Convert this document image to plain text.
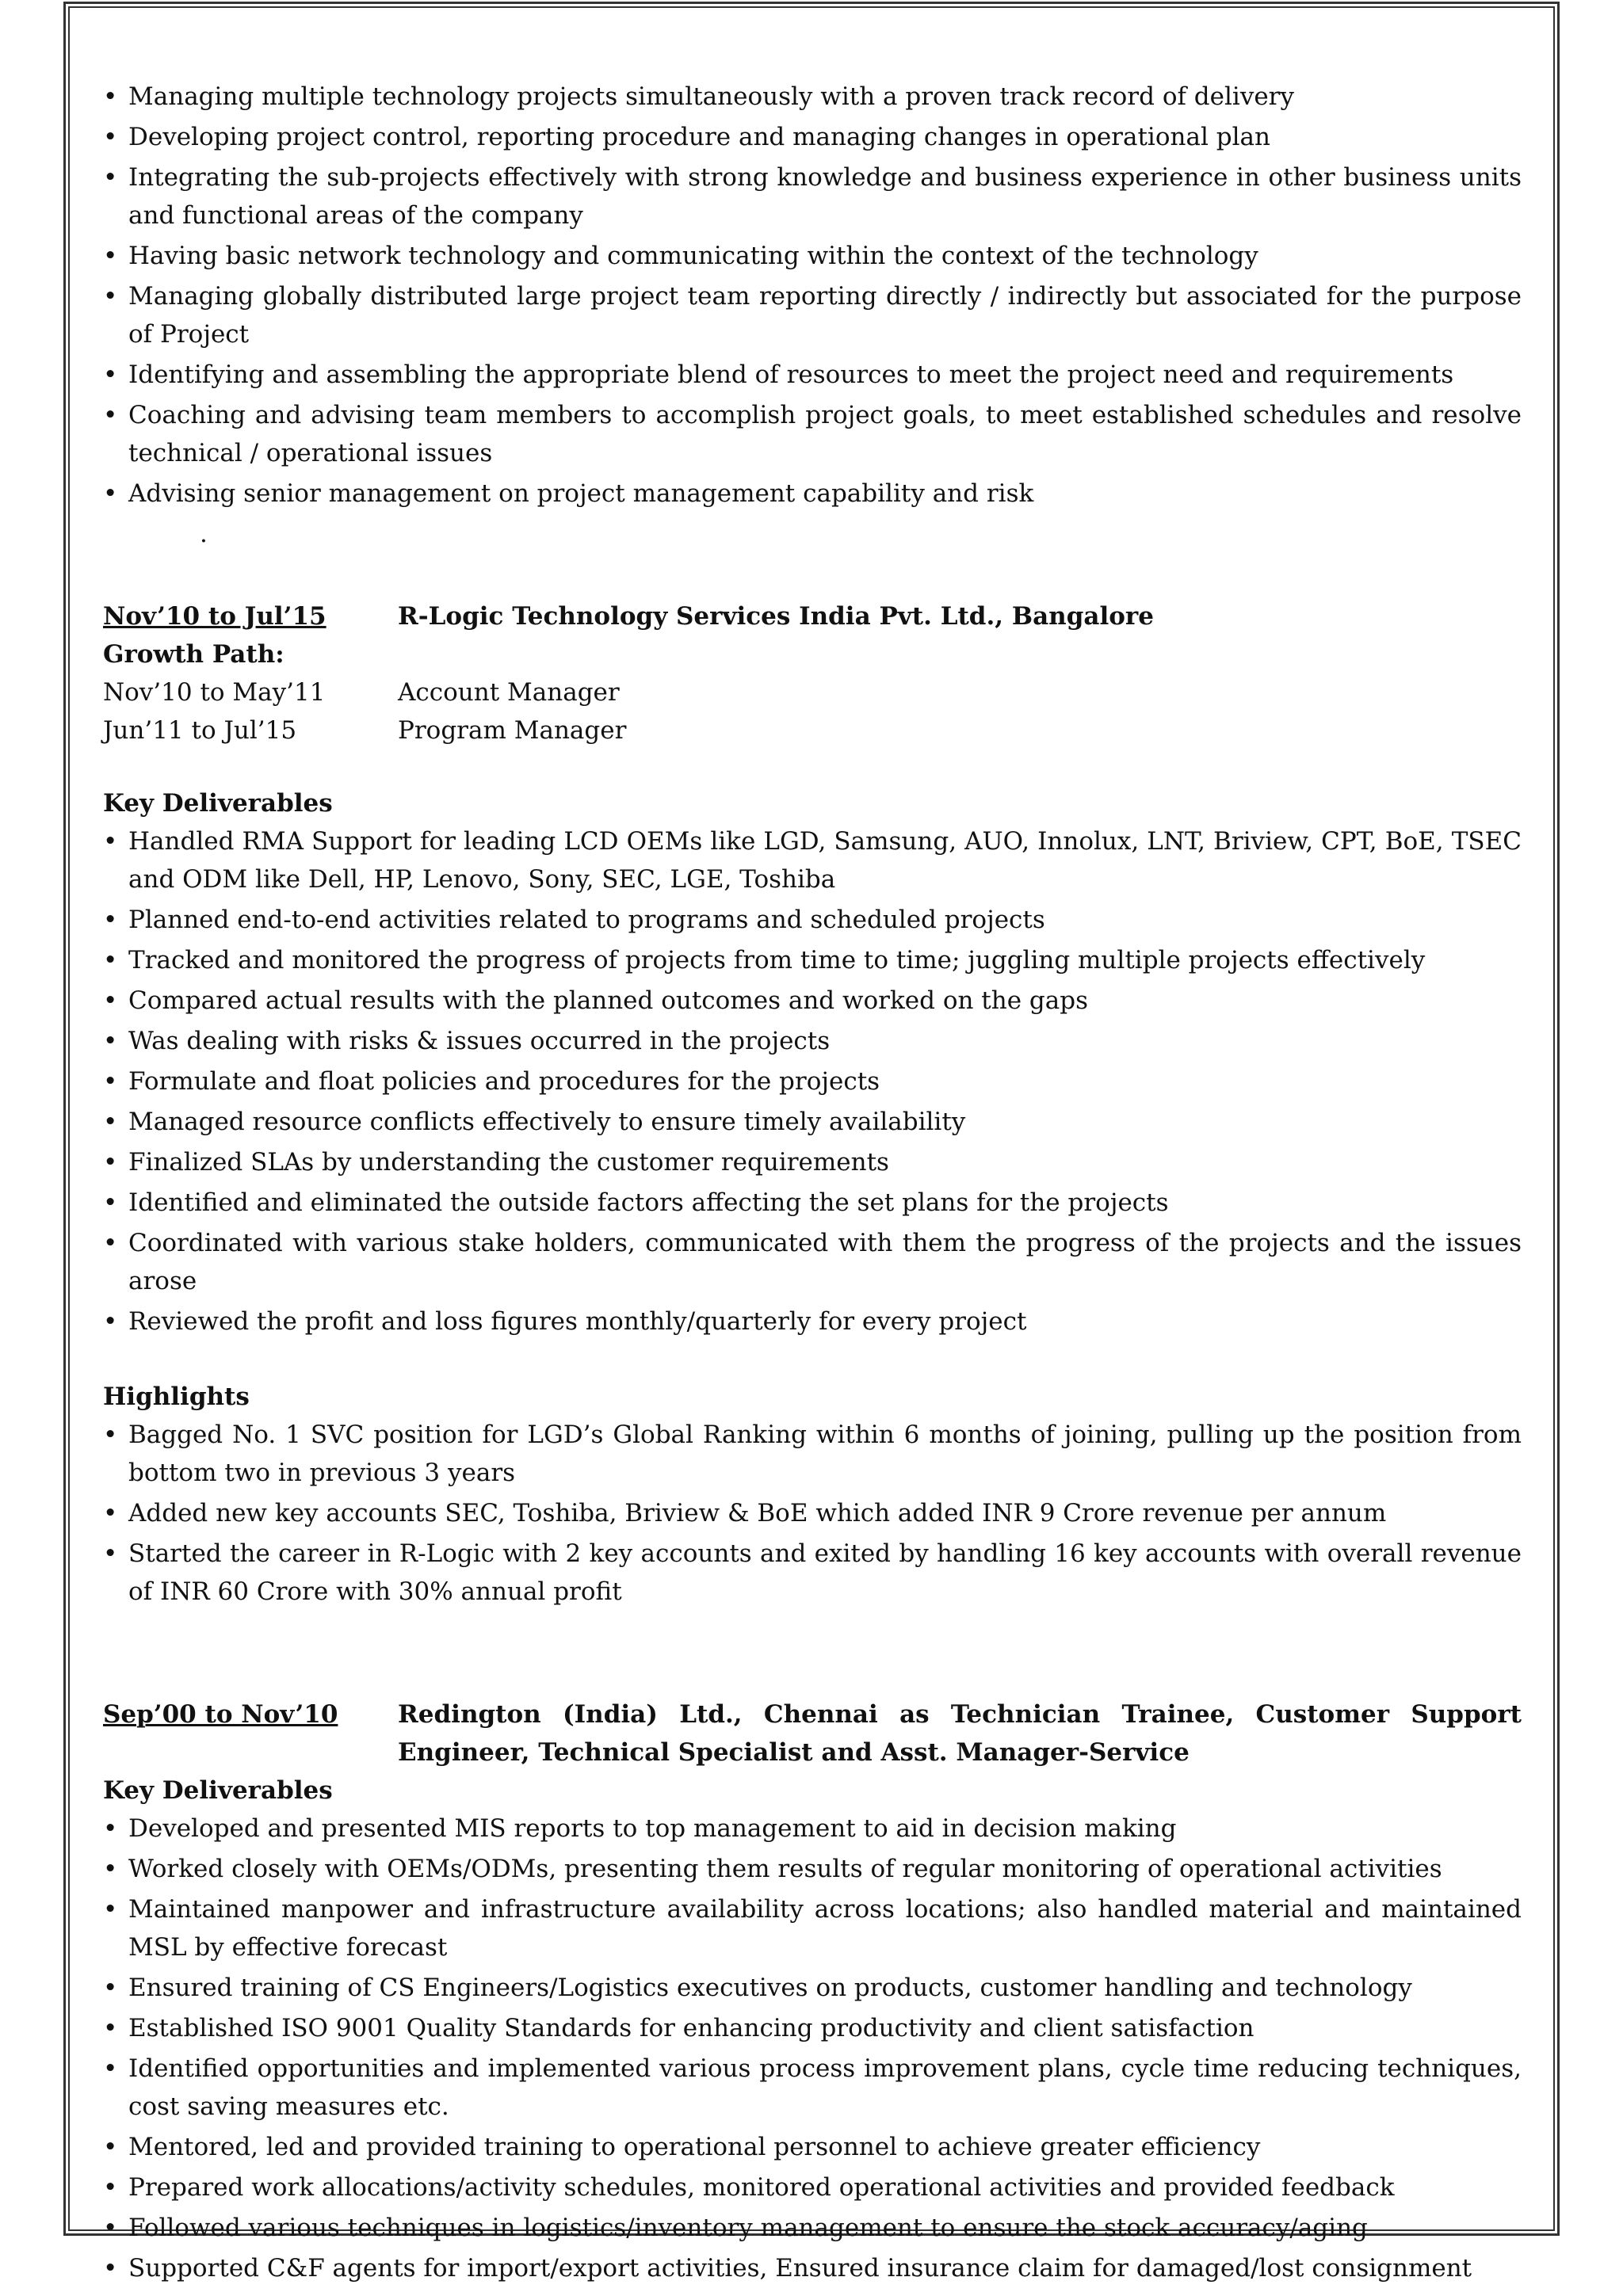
• Managing multiple technology projects simultaneously with a proven track record of delivery
• Developing project control, reporting procedure and managing changes in operational plan
• Integrating the sub-projects effectively with strong knowledge and business experience in other business units and functional areas of the company
• Having basic network technology and communicating within the context of the technology
• Managing globally distributed large project team reporting directly / indirectly but associated for the purpose of Project
• Identifying and assembling the appropriate blend of resources to meet the project need and requirements
• Coaching and advising team members to accomplish project goals, to meet established schedules and resolve technical / operational issues
• Advising senior management on project management capability and risk
.
Nov’10 to Jul’15	R-Logic Technology Services India Pvt. Ltd., Bangalore
Growth Path:
Nov’10 to May’11	Account Manager
Jun’11 to Jul’15	Program Manager
Key Deliverables
• Handled RMA Support for leading LCD OEMs like LGD, Samsung, AUO, Innolux, LNT, Briview, CPT, BoE, TSEC and ODM like Dell, HP, Lenovo, Sony, SEC, LGE, Toshiba
• Planned end-to-end activities related to programs and scheduled projects
• Tracked and monitored the progress of projects from time to time; juggling multiple projects effectively
• Compared actual results with the planned outcomes and worked on the gaps
• Was dealing with risks & issues occurred in the projects
• Formulate and float policies and procedures for the projects
• Managed resource conflicts effectively to ensure timely availability
• Finalized SLAs by understanding the customer requirements
• Identified and eliminated the outside factors affecting the set plans for the projects
• Coordinated with various stake holders, communicated with them the progress of the projects and the issues arose
• Reviewed the profit and loss figures monthly/quarterly for every project
Highlights
• Bagged No. 1 SVC position for LGD’s Global Ranking within 6 months of joining, pulling up the position from bottom two in previous 3 years
• Added new key accounts SEC, Toshiba, Briview & BoE which added INR 9 Crore revenue per annum
• Started the career in R-Logic with 2 key accounts and exited by handling 16 key accounts with overall revenue of INR 60 Crore with 30% annual profit
Sep’00 to Nov’10	Redington (India) Ltd., Chennai as Technician Trainee, Customer Support Engineer, Technical Specialist and Asst. Manager-Service
Key Deliverables
• Developed and presented MIS reports to top management to aid in decision making
• Worked closely with OEMs/ODMs, presenting them results of regular monitoring of operational activities
• Maintained manpower and infrastructure availability across locations; also handled material and maintained MSL by effective forecast
• Ensured training of CS Engineers/Logistics executives on products, customer handling and technology
• Established ISO 9001 Quality Standards for enhancing productivity and client satisfaction
• Identified opportunities and implemented various process improvement plans, cycle time reducing techniques, cost saving measures etc.
• Mentored, led and provided training to operational personnel to achieve greater efficiency
• Prepared work allocations/activity schedules, monitored operational activities and provided feedback
• Followed various techniques in logistics/inventory management to ensure the stock accuracy/aging
• Supported C&F agents for import/export activities, Ensured insurance claim for damaged/lost consignment
